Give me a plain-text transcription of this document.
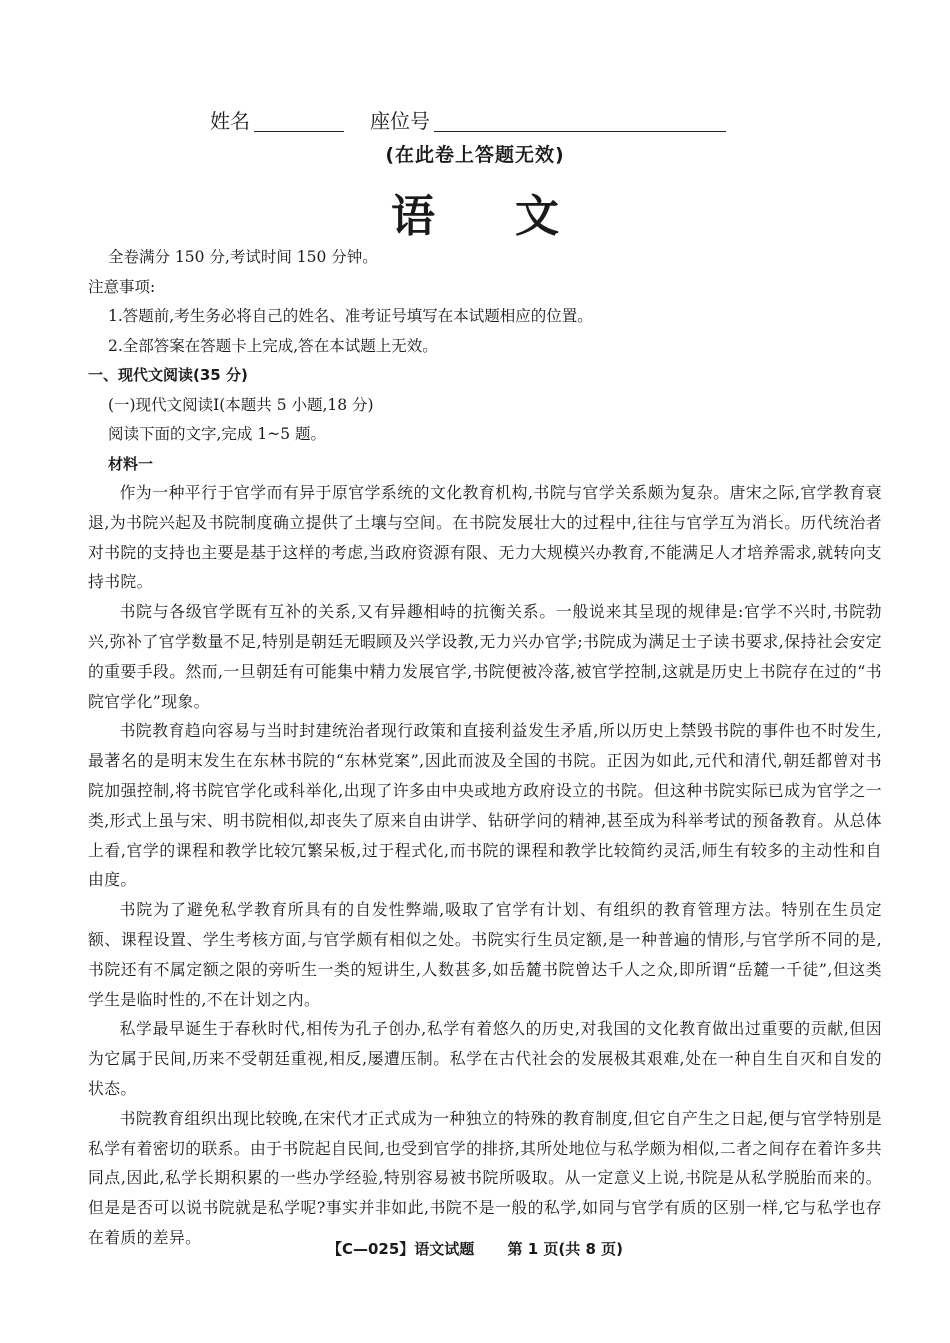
姓名	座位号
(在此卷上答题无效)
语文

全卷满分 150 分,考试时间 150 分钟。

注意事项:

1.答题前,考生务必将自己的姓名、准考证号填写在本试题相应的位置。

2.全部答案在答题卡上完成,答在本试题上无效。

一、现代文阅读(35 分)

(一)现代文阅读Ⅰ(本题共 5 小题,18 分)

阅读下面的文字,完成 1~5 题。

材料一

作为一种平行于官学而有异于原官学系统的文化教育机构,书院与官学关系颇为复杂。唐宋之际,官学教育衰退,为书院兴起及书院制度确立提供了土壤与空间。在书院发展壮大的过程中,往往与官学互为消长。历代统治者对书院的支持也主要是基于这样的考虑,当政府资源有限、无力大规模兴办教育,不能满足人才培养需求,就转向支持书院。

书院与各级官学既有互补的关系,又有异趣相峙的抗衡关系。一般说来其呈现的规律是:官学不兴时,书院勃兴,弥补了官学数量不足,特别是朝廷无暇顾及兴学设教,无力兴办官学;书院成为满足士子读书要求,保持社会安定的重要手段。然而,一旦朝廷有可能集中精力发展官学,书院便被冷落,被官学控制,这就是历史上书院存在过的“书院官学化”现象。

书院教育趋向容易与当时封建统治者现行政策和直接利益发生矛盾,所以历史上禁毁书院的事件也不时发生,最著名的是明末发生在东林书院的“东林党案”,因此而波及全国的书院。正因为如此,元代和清代,朝廷都曾对书院加强控制,将书院官学化或科举化,出现了许多由中央或地方政府设立的书院。但这种书院实际已成为官学之一类,形式上虽与宋、明书院相似,却丧失了原来自由讲学、钻研学问的精神,甚至成为科举考试的预备教育。从总体上看,官学的课程和教学比较冗繁呆板,过于程式化,而书院的课程和教学比较简约灵活,师生有较多的主动性和自由度。

书院为了避免私学教育所具有的自发性弊端,吸取了官学有计划、有组织的教育管理方法。特别在生员定额、课程设置、学生考核方面,与官学颇有相似之处。书院实行生员定额,是一种普遍的情形,与官学所不同的是,书院还有不属定额之限的旁听生一类的短讲生,人数甚多,如岳麓书院曾达千人之众,即所谓“岳麓一千徒”,但这类学生是临时性的,不在计划之内。

私学最早诞生于春秋时代,相传为孔子创办,私学有着悠久的历史,对我国的文化教育做出过重要的贡献,但因为它属于民间,历来不受朝廷重视,相反,屡遭压制。私学在古代社会的发展极其艰难,处在一种自生自灭和自发的状态。

书院教育组织出现比较晚,在宋代才正式成为一种独立的特殊的教育制度,但它自产生之日起,便与官学特别是私学有着密切的联系。由于书院起自民间,也受到官学的排挤,其所处地位与私学颇为相似,二者之间存在着许多共同点,因此,私学长期积累的一些办学经验,特别容易被书院所吸取。从一定意义上说,书院是从私学脱胎而来的。但是是否可以说书院就是私学呢?事实并非如此,书院不是一般的私学,如同与官学有质的区别一样,它与私学也存在着质的差异。

【C—025】语文试题 第 1 页(共 8 页)
